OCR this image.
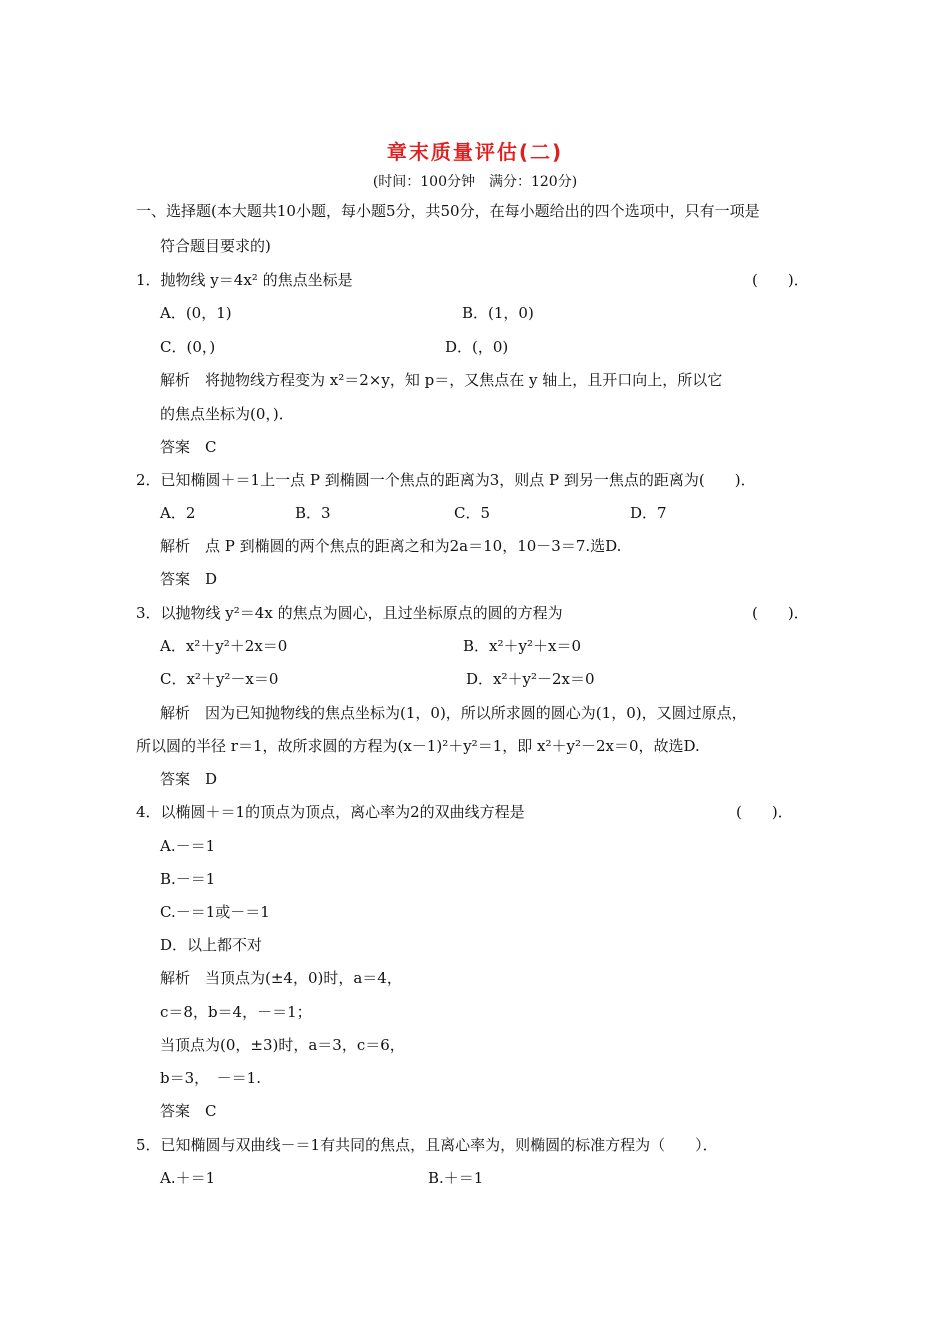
章末质量评估(二)
(时间：100分钟　满分：120分)
一、选择题(本大题共10小题，每小题5分，共50分，在每小题给出的四个选项中，只有一项是
符合题目要求的)
1．抛物线 y＝4x² 的焦点坐标是	(　　)．
A．(0，1)	B．(1，0)
C．(0，)	D．(，0)
解析　将抛物线方程变为 x²＝2×y，知 p＝，又焦点在 y 轴上，且开口向上，所以它
的焦点坐标为(0，)．
答案　C
2．已知椭圆＋＝1上一点 P 到椭圆一个焦点的距离为3，则点 P 到另一焦点的距离为(　　)．
A．2	B．3	C．5	D．7
解析　点 P 到椭圆的两个焦点的距离之和为2a＝10，10－3＝7.选D.
答案　D
3．以抛物线 y²＝4x 的焦点为圆心，且过坐标原点的圆的方程为	(　　)．
A．x²＋y²＋2x＝0	B．x²＋y²＋x＝0
C．x²＋y²－x＝0	D．x²＋y²－2x＝0
解析　因为已知抛物线的焦点坐标为(1，0)，所以所求圆的圆心为(1，0)，又圆过原点，
所以圆的半径 r＝1，故所求圆的方程为(x－1)²＋y²＝1，即 x²＋y²－2x＝0，故选D.
答案　D
4．以椭圆＋＝1的顶点为顶点，离心率为2的双曲线方程是	(　　)．
A.－＝1
B.－＝1
C.－＝1或－＝1
D．以上都不对
解析　当顶点为(±4，0)时，a＝4，
c＝8，b＝4，－＝1；
当顶点为(0，±3)时，a＝3，c＝6，
b＝3，　－＝1.
答案　C
5．已知椭圆与双曲线－＝1有共同的焦点，且离心率为，则椭圆的标准方程为（　　）．
A.＋＝1	B.＋＝1
